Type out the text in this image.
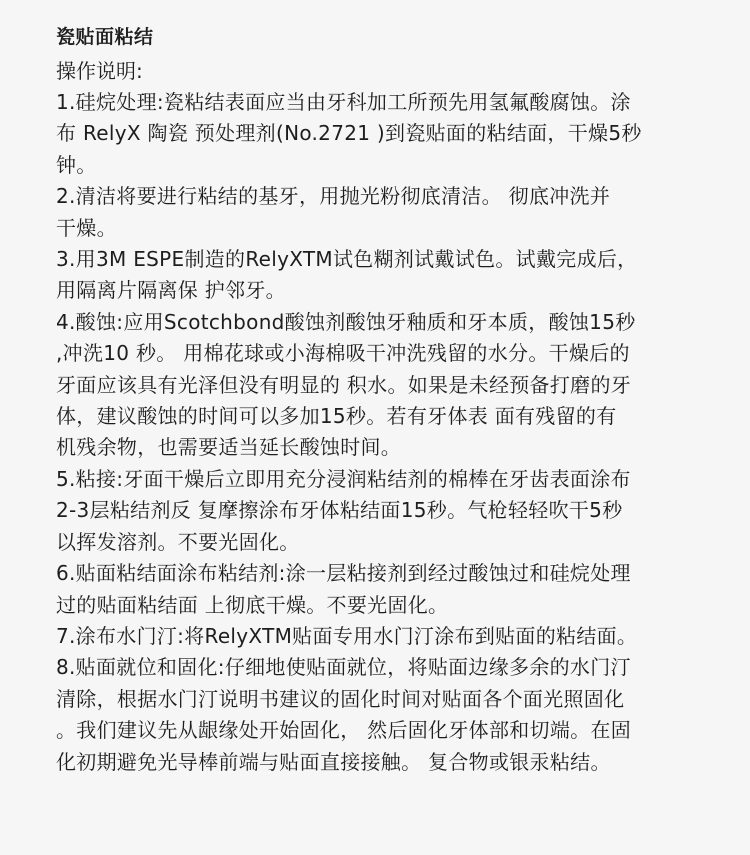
瓷贴面粘结

操作说明:

1.硅烷处理:瓷粘结表面应当由牙科加工所预先用氢氟酸腐蚀。涂
布 RelyX 陶瓷 预处理剂(No.2721 )到瓷贴面的粘结面，干燥5秒
钟。

2.清洁将要进行粘结的基牙，用抛光粉彻底清洁。 彻底冲洗并
干燥。

3.用3M ESPE制造的RelyXTM试色糊剂试戴试色。试戴完成后，
用隔离片隔离保 护邻牙。

4.酸蚀:应用Scotchbond酸蚀剂酸蚀牙釉质和牙本质，酸蚀15秒
,冲洗10 秒。 用棉花球或小海棉吸干冲洗残留的水分。干燥后的
牙面应该具有光泽但没有明显的 积水。如果是未经预备打磨的牙
体，建议酸蚀的时间可以多加15秒。若有牙体表 面有残留的有
机残余物，也需要适当延长酸蚀时间。

5.粘接:牙面干燥后立即用充分浸润粘结剂的棉棒在牙齿表面涂布
2-3层粘结剂反 复摩擦涂布牙体粘结面15秒。气枪轻轻吹干5秒
以挥发溶剂。不要光固化。

6.贴面粘结面涂布粘结剂:涂一层粘接剂到经过酸蚀过和硅烷处理
过的贴面粘结面 上彻底干燥。不要光固化。

7.涂布水门汀:将RelyXTM贴面专用水门汀涂布到贴面的粘结面。

8.贴面就位和固化:仔细地使贴面就位，将贴面边缘多余的水门汀
清除，根据水门汀说明书建议的固化时间对贴面各个面光照固化
。我们建议先从龈缘处开始固化， 然后固化牙体部和切端。在固
化初期避免光导棒前端与贴面直接接触。 复合物或银汞粘结。
